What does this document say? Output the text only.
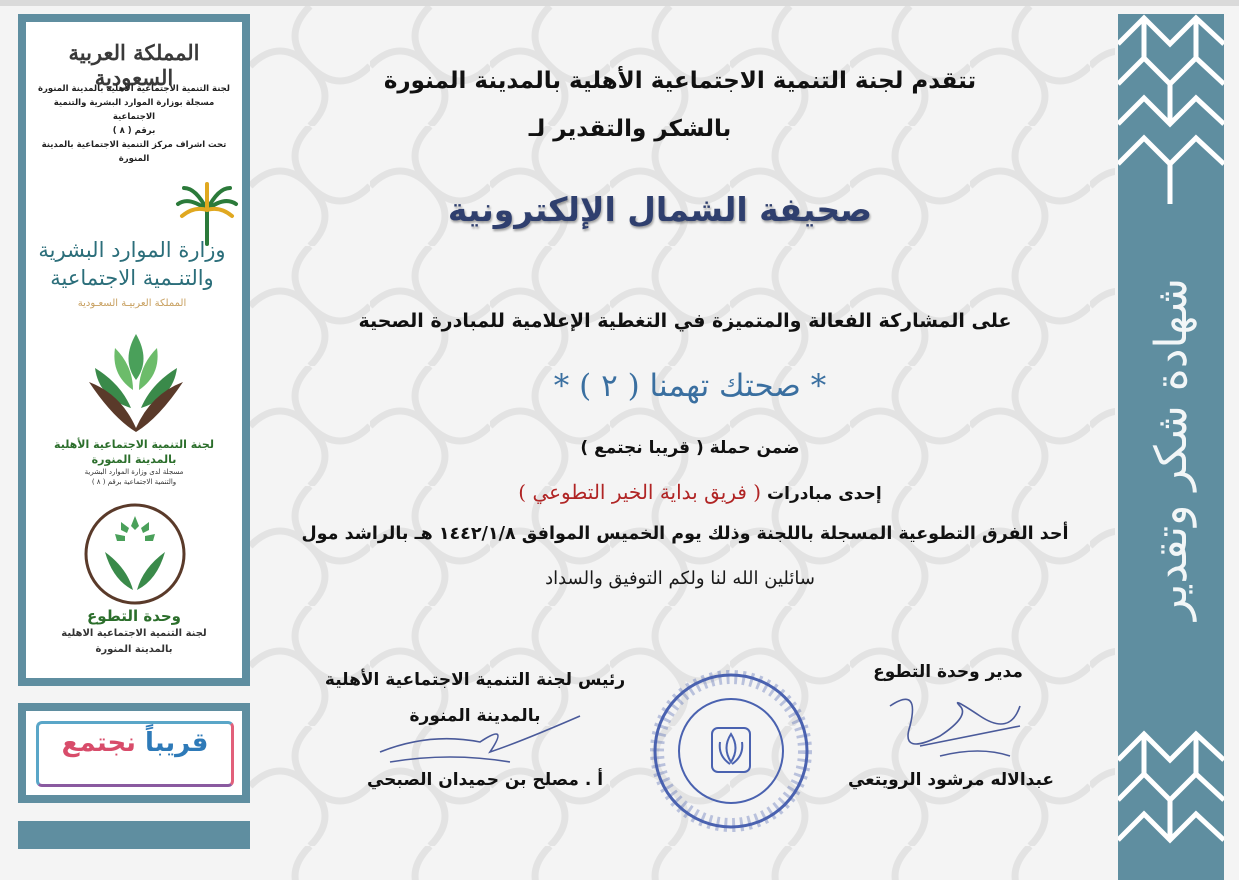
المملكة العربية السعودية
لجنة التنمية الاجتماعية الأهلية بالمدينة المنورة
مسجلة بوزارة الموارد البشرية والتنمية الاجتماعية
برقم ( ٨ )
تحت اشراف مركز التنمية الاجتماعية بالمدينة المنورة
وزارة الموارد البشرية
والتنـمية الاجتماعية
المملكة العربيـة السعـودية
لجنة التنمية الاجتماعية الأهلية
بالمدينة المنورة
مسجلة لدى وزارة الموارد البشرية
والتنمية الاجتماعية برقم ( ٨ )
وحدة التطوع
لجنة التنمية الاجتماعية الاهلية
بالمدينة المنورة
قريباً نجتمع
شهادة شكر وتقدير
تتقدم لجنة التنمية الاجتماعية الأهلية بالمدينة المنورة
بالشكر والتقدير لـ
صحيفة الشمال الإلكترونية
على المشاركة الفعالة والمتميزة في التغطية الإعلامية للمبادرة الصحية
* صحتك تهمنا ( ٢ ) *
ضمن حملة ( قريبا نجتمع )
إحدى مبادرات ( فريق بداية الخير التطوعي )
أحد الفرق التطوعية المسجلة باللجنة وذلك يوم الخميس الموافق ١٤٤٢/١/٨ هـ بالراشد مول
سائلين الله لنا ولكم التوفيق والسداد
مدير وحدة التطوع
عبدالاله مرشود الرويتعي
رئيس لجنة التنمية الاجتماعية الأهلية
بالمدينة المنورة
أ . مصلح بن حميدان الصبحي
